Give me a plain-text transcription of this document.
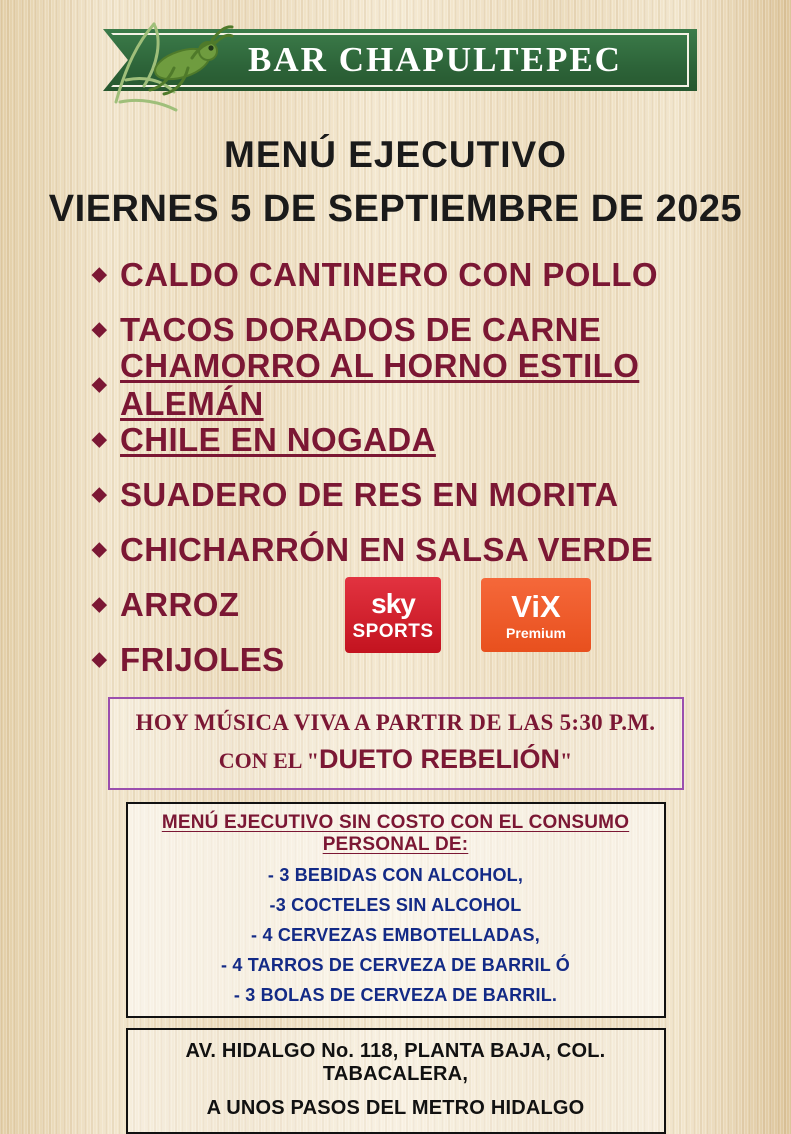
BAR CHAPULTEPEC
MENÚ EJECUTIVO
VIERNES 5 DE SEPTIEMBRE DE 2025
◆ CALDO CANTINERO CON POLLO
◆ TACOS DORADOS DE CARNE
◆
CHAMORRO AL HORNO ESTILO ALEMÁN
◆ CHILE EN NOGADA
◆ SUADERO DE RES EN MORITA
◆ CHICHARRÓN EN SALSA VERDE
◆ ARROZ
◆ FRIJOLES
sky
SPORTS
ViX
Premium
HOY MÚSICA VIVA A PARTIR DE LAS 5:30 P.M.
CON EL "DUETO REBELIÓN"
MENÚ EJECUTIVO SIN COSTO CON EL CONSUMO PERSONAL DE:
- 3 BEBIDAS CON ALCOHOL,
-3 COCTELES SIN ALCOHOL
- 4 CERVEZAS EMBOTELLADAS,
- 4 TARROS DE CERVEZA DE BARRIL Ó
- 3 BOLAS DE CERVEZA DE BARRIL.
AV. HIDALGO No. 118, PLANTA BAJA, COL. TABACALERA,
A UNOS PASOS DEL METRO HIDALGO
